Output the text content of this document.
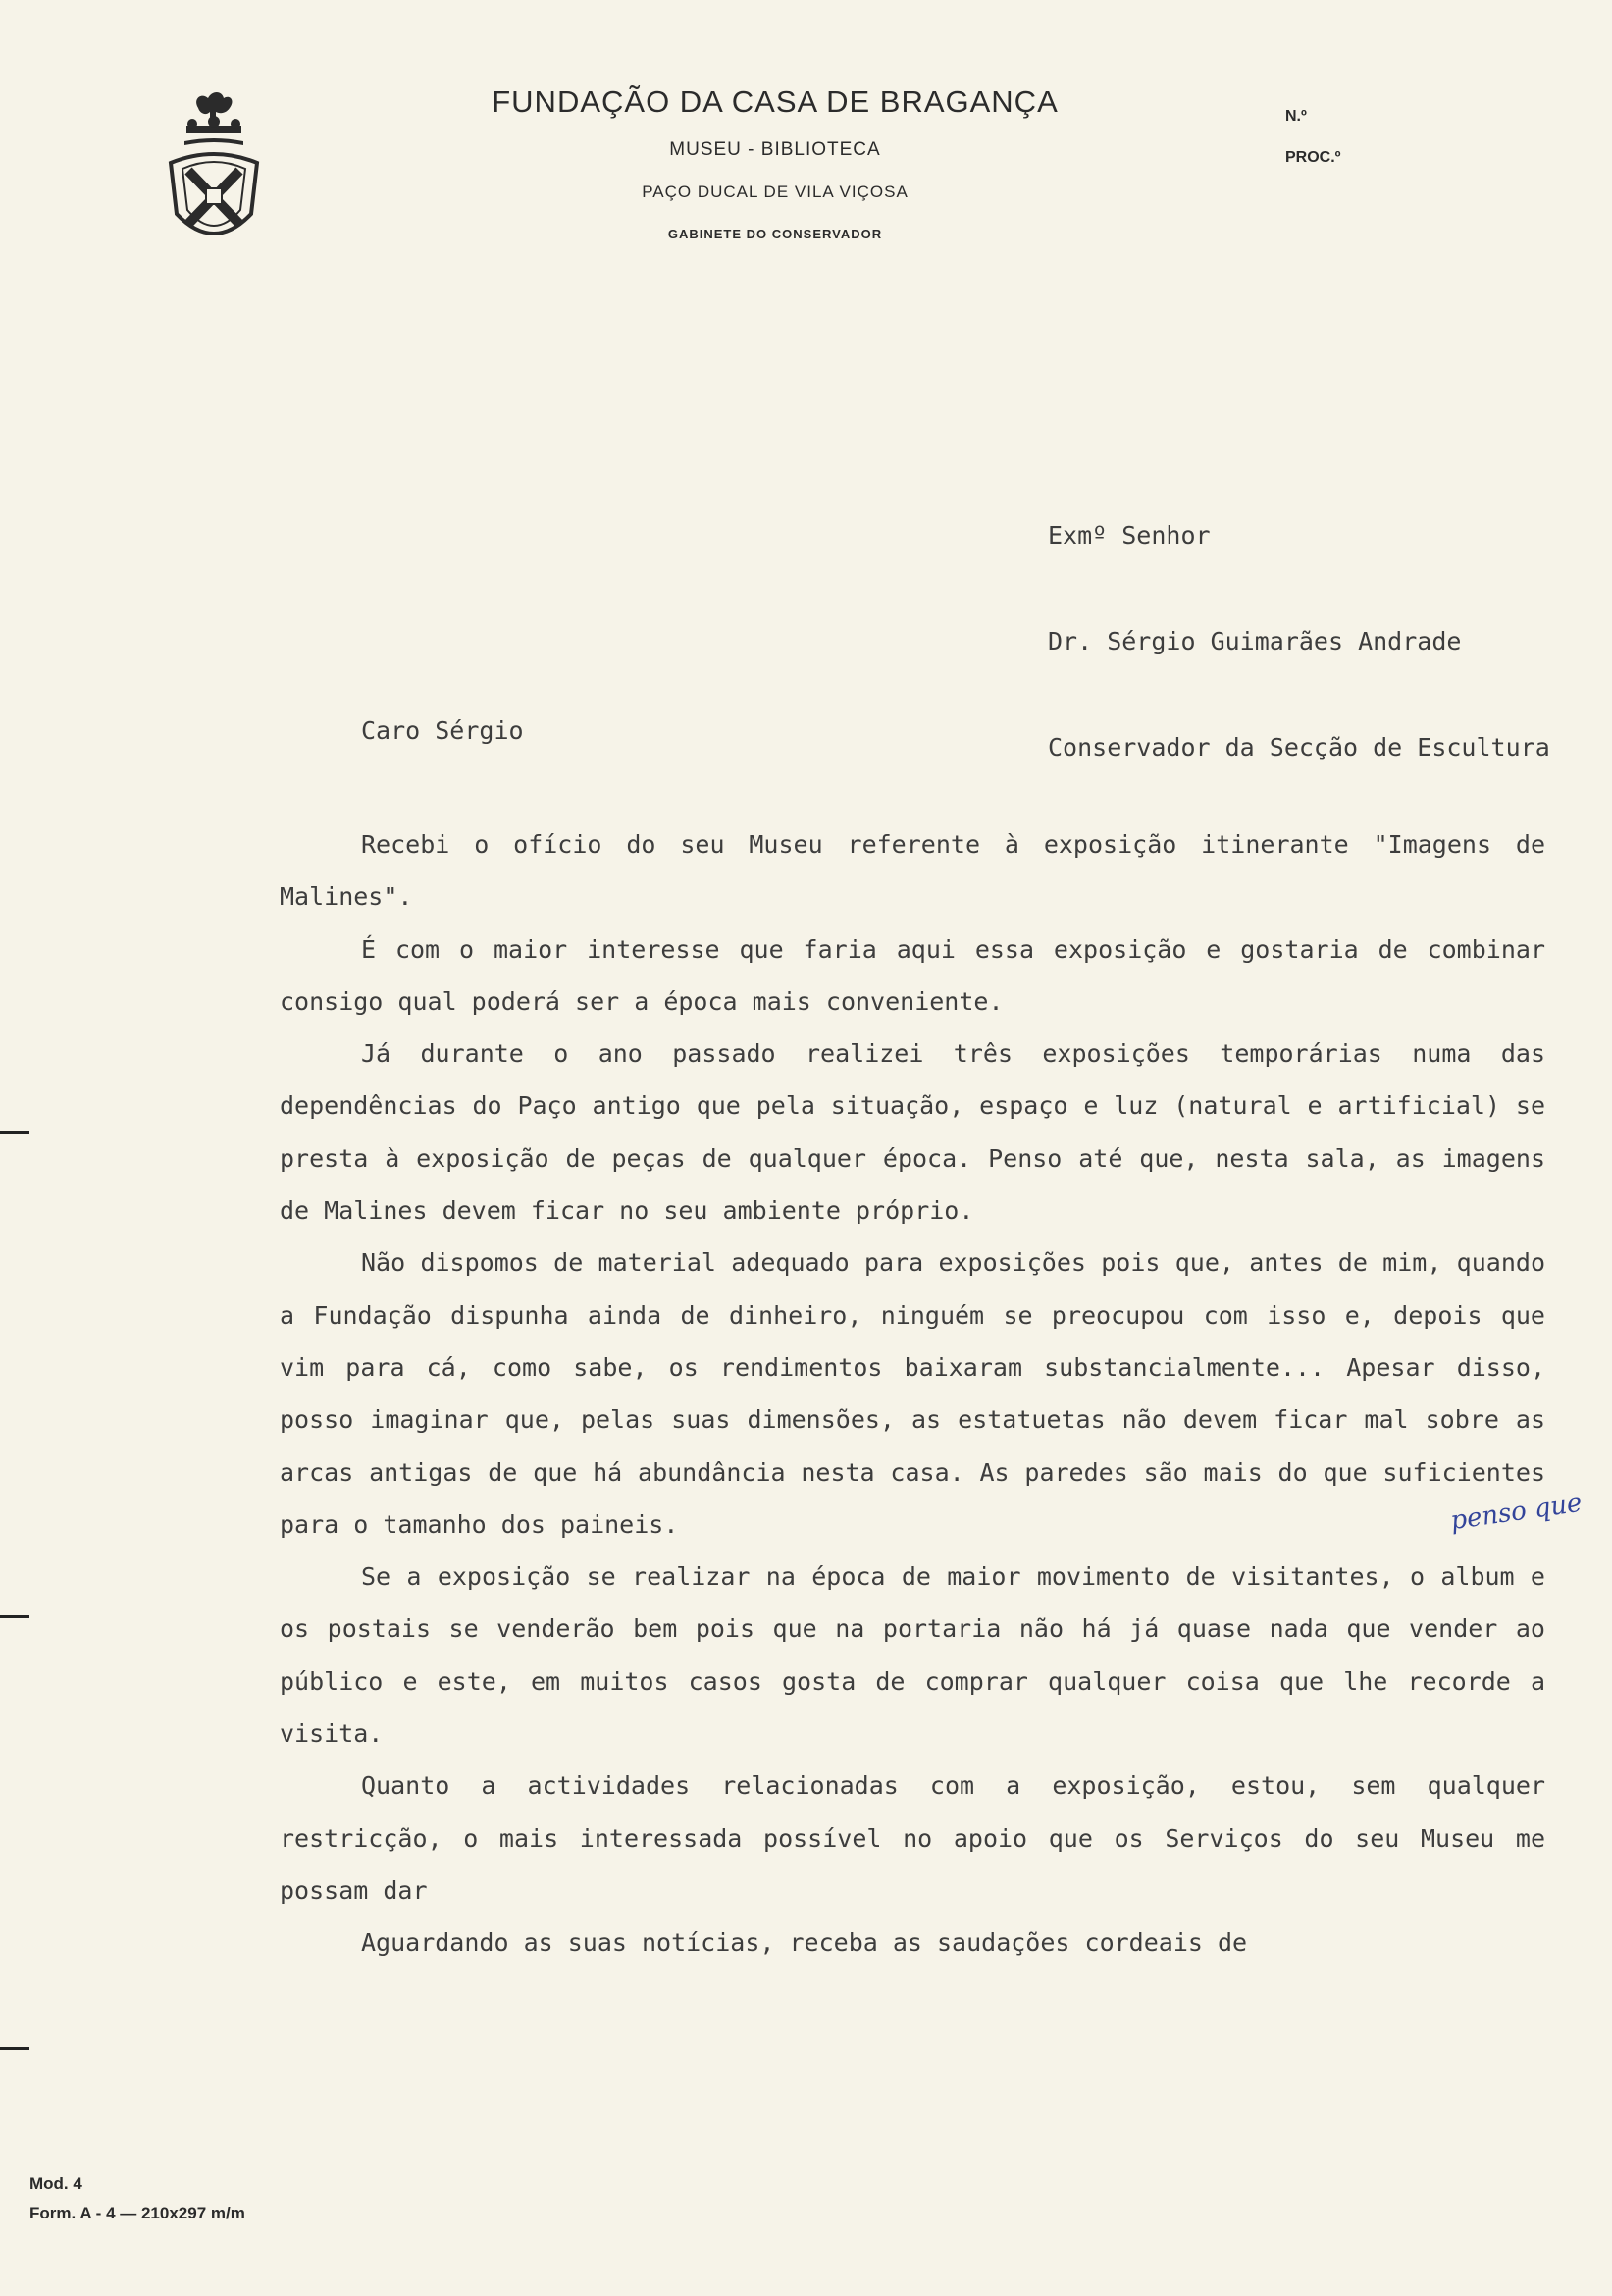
FUNDAÇÃO DA CASA DE BRAGANÇA
MUSEU - BIBLIOTECA
PAÇO DUCAL DE VILA VIÇOSA
GABINETE DO CONSERVADOR
N.º
PROC.º

Exmº Senhor

Dr. Sérgio Guimarães Andrade

Conservador da Secção de Escultura

Caro Sérgio

Recebi o ofício do seu Museu referente à exposição itinerante "Imagens de Malines".

É com o maior interesse que faria aqui essa exposição e gostaria de combinar consigo qual poderá ser a época mais conveniente.

Já durante o ano passado realizei três exposições temporárias numa das dependências do Paço antigo que pela situação, espaço e luz (natural e artificial) se presta à exposição de peças de qualquer época. Penso até que, nesta sala, as imagens de Malines devem ficar no seu ambiente próprio.

Não dispomos de material adequado para exposições pois que, antes de mim, quando a Fundação dispunha ainda de dinheiro, ninguém se preocupou com isso e, depois que vim para cá, como sabe, os rendimentos baixaram substancialmente... Apesar disso, posso imaginar que, pelas suas dimensões, as estatuetas não devem ficar mal sobre as arcas antigas de que há abundância nesta casa. As paredes são mais do que suficientes para o tamanho dos paineis.

Se a exposição se realizar na época de maior movimento de visitantes, o album e os postais se venderão bem pois que na portaria não há já quase nada que vender ao público e este, em muitos casos gosta de comprar qualquer coisa que lhe recorde a visita.

Quanto a actividades relacionadas com a exposição, estou, sem qualquer restricção, o mais interessada possível no apoio que os Serviços do seu Museu me possam dar

Aguardando as suas notícias, receba as saudações cordeais de

penso que
Mod. 4
Form. A - 4 — 210x297 m/m
